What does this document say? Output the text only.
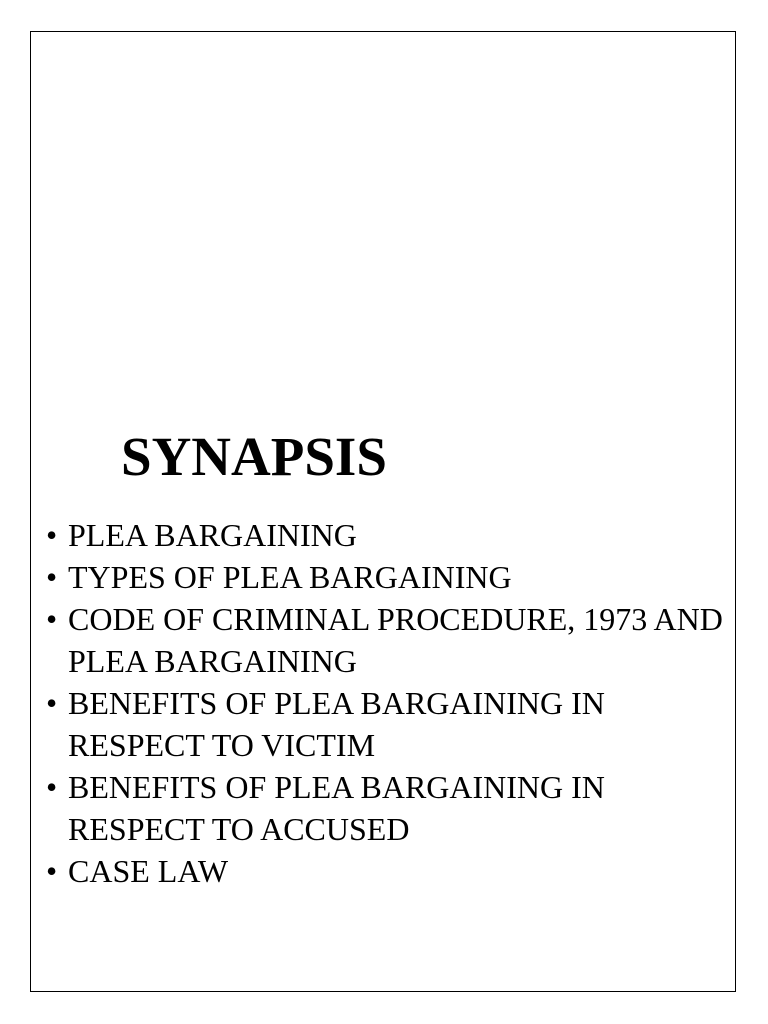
SYNAPSIS
• PLEA BARGAINING
• TYPES OF PLEA BARGAINING
• CODE OF CRIMINAL PROCEDURE, 1973 AND PLEA BARGAINING
• BENEFITS OF PLEA BARGAINING IN RESPECT TO VICTIM
• BENEFITS OF PLEA BARGAINING IN RESPECT TO ACCUSED
• CASE LAW
